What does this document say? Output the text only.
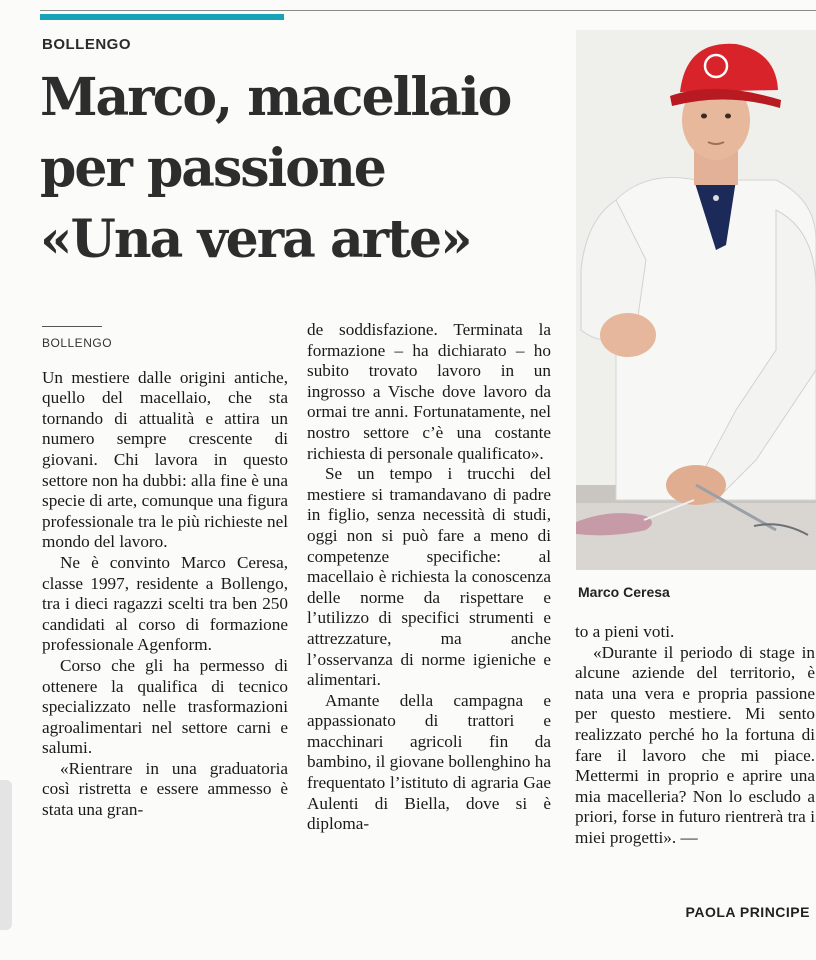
BOLLENGO
Marco, macellaio
per passione
«Una vera arte»
Marco Ceresa
BOLLENGO

Un mestiere dalle origini antiche, quello del macellaio, che sta tornando di attualità e attira un numero sempre crescente di giovani. Chi lavora in questo settore non ha dubbi: alla fine è una specie di arte, comunque una figura professionale tra le più richieste nel mondo del lavoro.

Ne è convinto Marco Ceresa, classe 1997, residente a Bollengo, tra i dieci ragazzi scelti tra ben 250 candidati al corso di formazione professionale Agenform.

Corso che gli ha permesso di ottenere la qualifica di tecnico specializzato nelle trasformazioni agroalimentari nel settore carni e salumi.

«Rientrare in una graduatoria così ristretta e essere ammesso è stata una gran-

de soddisfazione. Terminata la formazione – ha dichiarato – ho subito trovato lavoro in un ingrosso a Vische dove lavoro da ormai tre anni. Fortunatamente, nel nostro settore c’è una costante richiesta di personale qualificato».

Se un tempo i trucchi del mestiere si tramandavano di padre in figlio, senza necessità di studi, oggi non si può fare a meno di competenze specifiche: al macellaio è richiesta la conoscenza delle norme da rispettare e l’utilizzo di specifici strumenti e attrezzature, ma anche l’osservanza di norme igieniche e alimentari.

Amante della campagna e appassionato di trattori e macchinari agricoli fin da bambino, il giovane bollenghino ha frequentato l’istituto di agraria Gae Aulenti di Biella, dove si è diploma-

to a pieni voti.

«Durante il periodo di stage in alcune aziende del territorio, è nata una vera e propria passione per questo mestiere. Mi sento realizzato perché ho la fortuna di fare il lavoro che mi piace. Mettermi in proprio e aprire una mia macelleria? Non lo escludo a priori, forse in futuro rientrerà tra i miei progetti». —

PAOLA PRINCIPE
